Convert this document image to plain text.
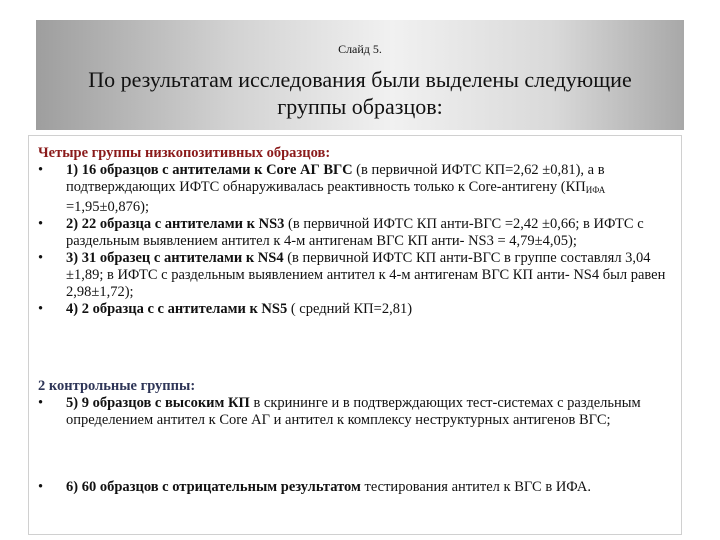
Слайд 5.
По результатам исследования были выделены следующие группы образцов:
Четыре группы низкопозитивных образцов:
• 1) 16 образцов с антителами к Core АГ ВГС (в первичной ИФТС КП=2,62 ±0,81), а в подтверждающих ИФТС обнаруживалась реактивность только к Core-антигену $(КП_{ИФА} =1,95\pm 0,876)$;
• 2) 22 образца с антителами к NS3 (в первичной ИФТС КП анти-ВГС =2,42 ±0,66; в ИФТС с раздельным выявлением антител к 4-м антигенам ВГС КП анти- NS3 = 4,79±4,05);
• 3) 31 образец с антителами к NS4 (в первичной ИФТС КП анти-ВГС в группе составлял 3,04 ±1,89; в ИФТС с раздельным выявлением антител к 4-м антигенам ВГС КП анти- NS4 был равен 2,98±1,72);
• 4) 2 образца с с антителами к NS5 ( средний КП=2,81)
2 контрольные группы:
• 5) 9 образцов с высоким КП в скрининге и в подтверждающих тест-системах с раздельным определением антител к Core АГ и антител к комплексу неструктурных антигенов ВГС;
• 6) 60 образцов с отрицательным результатом тестирования антител к ВГС в ИФА.
